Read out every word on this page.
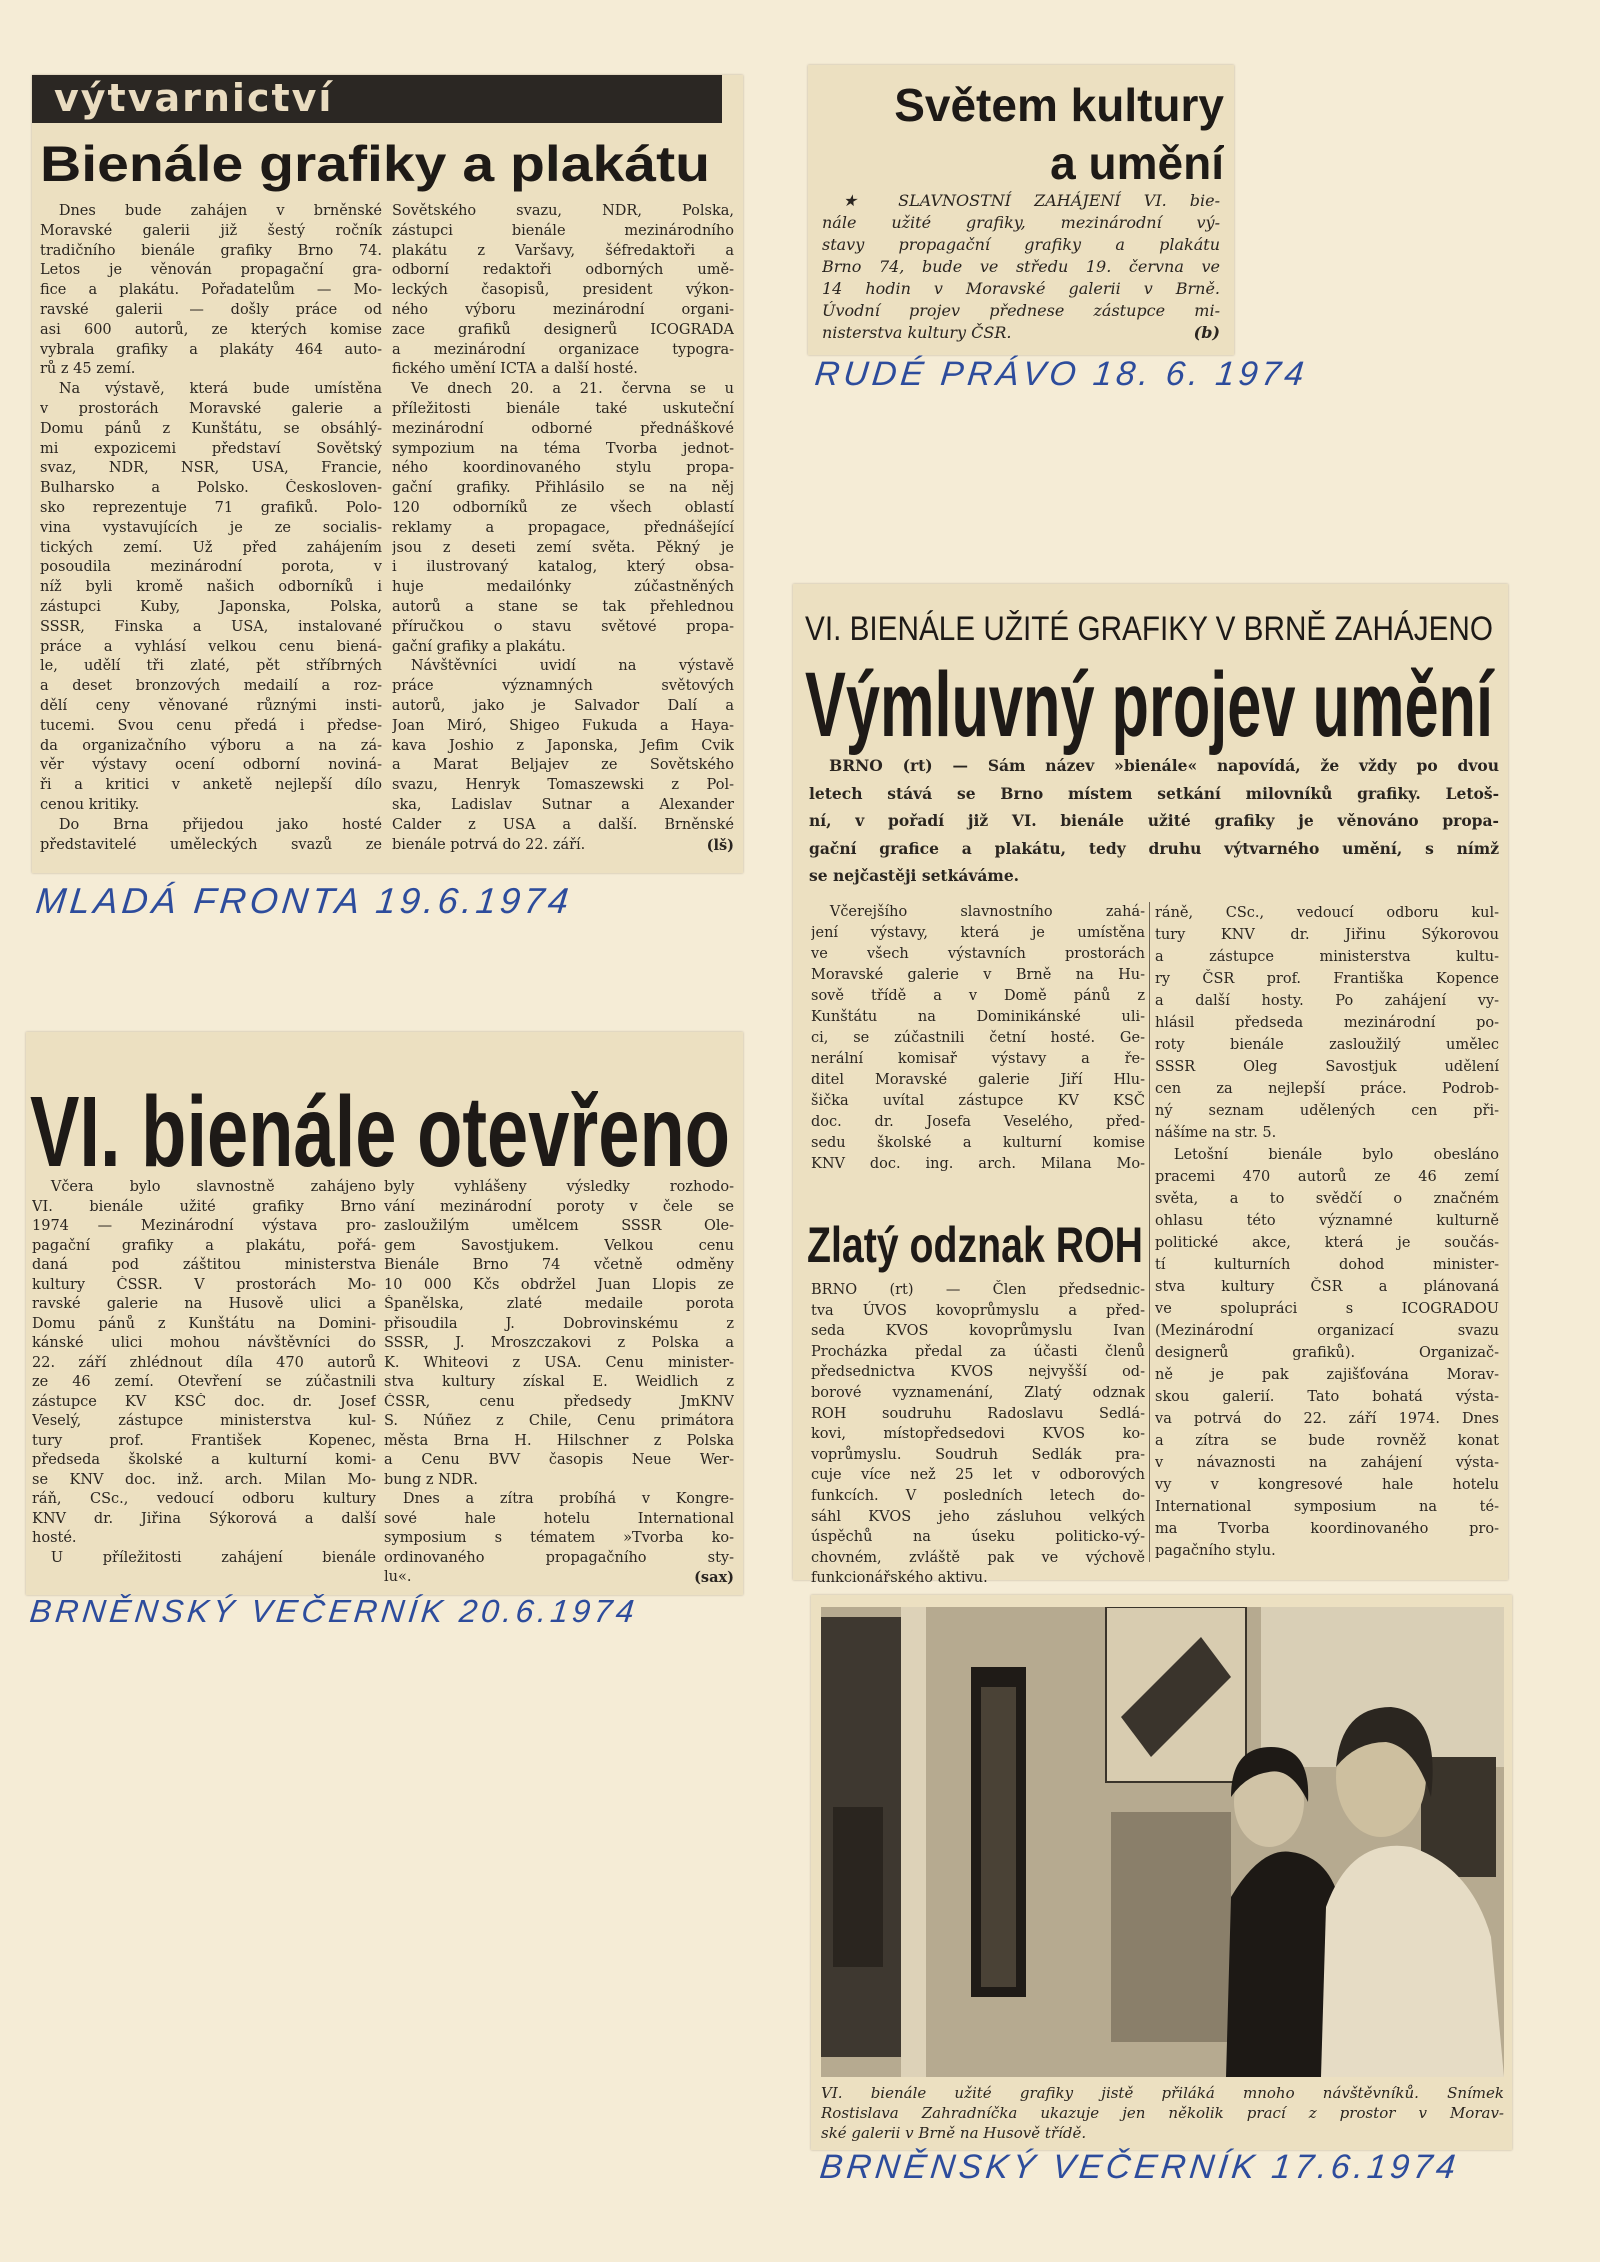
výtvarnictví
Bienále grafiky a plakátu
Dnes bude zahájen v brněnské
Moravské galerii již šestý ročník
tradičního bienále grafiky Brno 74.
Letos je věnován propagační gra-
fice a plakátu. Pořadatelům — Mo-
ravské galerii — došly práce od
asi 600 autorů, ze kterých komise
vybrala grafiky a plakáty 464 auto-
rů z 45 zemí.
Na výstavě, která bude umístěna
v prostorách Moravské galerie a
Domu pánů z Kunštátu, se obsáhlý-
mi expozicemi představí Sovětský
svaz, NDR, NSR, USA, Francie,
Bulharsko a Polsko. Českosloven-
sko reprezentuje 71 grafiků. Polo-
vina vystavujících je ze socialis-
tických zemí. Už před zahájením
posoudila mezinárodní porota, v
níž byli kromě našich odborníků i
zástupci Kuby, Japonska, Polska,
SSSR, Finska a USA, instalované
práce a vyhlásí velkou cenu biená-
le, udělí tři zlaté, pět stříbrných
a deset bronzových medailí a roz-
dělí ceny věnované různými insti-
tucemi. Svou cenu předá i předse-
da organizačního výboru a na zá-
věr výstavy ocení odborní noviná-
ři a kritici v anketě nejlepší dílo
cenou kritiky.
Do Brna přijedou jako hosté
představitelé uměleckých svazů ze
Sovětského svazu, NDR, Polska,
zástupci bienále mezinárodního
plakátu z Varšavy, šéfredaktoři a
odborní redaktoři odborných umě-
leckých časopisů, president výkon-
ného výboru mezinárodní organi-
zace grafiků designerů ICOGRADA
a mezinárodní organizace typogra-
fického umění ICTA a další hosté.
Ve dnech 20. a 21. června se u
příležitosti bienále také uskuteční
mezinárodní odborné přednáškové
sympozium na téma Tvorba jednot-
ného koordinovaného stylu propa-
gační grafiky. Přihlásilo se na něj
120 odborníků ze všech oblastí
reklamy a propagace, přednášející
jsou z deseti zemí světa. Pěkný je
i ilustrovaný katalog, který obsa-
huje medailónky zúčastněných
autorů a stane se tak přehlednou
příručkou o stavu světové propa-
gační grafiky a plakátu.
Návštěvníci uvidí na výstavě
práce významných světových
autorů, jako je Salvador Dalí a
Joan Miró, Shigeo Fukuda a Haya-
kava Joshio z Japonska, Jefim Cvik
a Marat Beljajev ze Sovětského
svazu, Henryk Tomaszewski z Pol-
ska, Ladislav Sutnar a Alexander
Calder z USA a další. Brněnské
bienále potrvá do 22. září.	(lš)
MLADÁ FRONTA 19.6.1974
Světem kultury
a umění
★ SLAVNOSTNÍ ZAHÁJENÍ VI. bie-
nále užité grafiky, mezinárodní vý-
stavy propagační grafiky a plakátu
Brno 74, bude ve středu 19. června ve
14 hodin v Moravské galerii v Brně.
Úvodní projev přednese zástupce mi-
nisterstva kultury ČSR.	(b)
RUDÉ PRÁVO 18. 6. 1974
VI. BIENÁLE UŽITÉ GRAFIKY V BRNĚ ZAHÁJENO
Výmluvný projev umění
BRNO (rt) — Sám název »bienále« napovídá, že vždy po dvou
letech stává se Brno místem setkání milovníků grafiky. Letoš-
ní, v pořadí již VI. bienále užité grafiky je věnováno propa-
gační grafice a plakátu, tedy druhu výtvarného umění, s nímž
se nejčastěji setkáváme.
Včerejšího slavnostního zahá-
jení výstavy, která je umístěna
ve všech výstavních prostorách
Moravské galerie v Brně na Hu-
sově třídě a v Domě pánů z
Kunštátu na Dominikánské uli-
ci, se zúčastnili četní hosté. Ge-
nerální komisař výstavy a ře-
ditel Moravské galerie Jiří Hlu-
šička uvítal zástupce KV KSČ
doc. dr. Josefa Veselého, před-
sedu školské a kulturní komise
KNV doc. ing. arch. Milana Mo-
Zlatý odznak ROH
BRNO (rt) — Člen předsednic-
tva ÚVOS kovoprůmyslu a před-
seda KVOS kovoprůmyslu Ivan
Procházka předal za účasti členů
předsednictva KVOS nejvyšší od-
borové vyznamenání, Zlatý odznak
ROH soudruhu Radoslavu Sedlá-
kovi, místopředsedovi KVOS ko-
voprůmyslu. Soudruh Sedlák pra-
cuje více než 25 let v odborových
funkcích. V posledních letech do-
sáhl KVOS jeho zásluhou velkých
úspěchů na úseku politicko-vý-
chovném, zvláště pak ve výchově
funkcionářského aktivu.
ráně, CSc., vedoucí odboru kul-
tury KNV dr. Jiřinu Sýkorovou
a zástupce ministerstva kultu-
ry ČSR prof. Františka Kopence
a další hosty. Po zahájení vy-
hlásil předseda mezinárodní po-
roty bienále zasloužilý umělec
SSSR Oleg Savostjuk udělení
cen za nejlepší práce. Podrob-
ný seznam udělených cen při-
nášíme na str. 5.
Letošní bienále bylo obesláno
pracemi 470 autorů ze 46 zemí
světa, a to svědčí o značném
ohlasu této významné kulturně
politické akce, která je součás-
tí kulturních dohod minister-
stva kultury ČSR a plánovaná
ve spolupráci s ICOGRADOU
(Mezinárodní organizací svazu
designerů grafiků). Organizač-
ně je pak zajišťována Morav-
skou galerií. Tato bohatá výsta-
va potrvá do 22. září 1974. Dnes
a zítra se bude rovněž konat
v návaznosti na zahájení výsta-
vy v kongresové hale hotelu
International symposium na té-
ma Tvorba koordinovaného pro-
pagačního stylu.
VI. bienále otevřeno
Včera bylo slavnostně zahájeno
VI. bienále užité grafiky Brno
1974 — Mezinárodní výstava pro-
pagační grafiky a plakátu, pořá-
daná pod záštitou ministerstva
kultury ČSSR. V prostorách Mo-
ravské galerie na Husově ulici a
Domu pánů z Kunštátu na Domini-
kánské ulici mohou návštěvníci do
22. září zhlédnout díla 470 autorů
ze 46 zemí. Otevření se zúčastnili
zástupce KV KSČ doc. dr. Josef
Veselý, zástupce ministerstva kul-
tury prof. František Kopenec,
předseda školské a kulturní komi-
se KNV doc. inž. arch. Milan Mo-
ráň, CSc., vedoucí odboru kultury
KNV dr. Jiřina Sýkorová a další
hosté.
U příležitosti zahájení bienále
byly vyhlášeny výsledky rozhodo-
vání mezinárodní poroty v čele se
zasloužilým umělcem SSSR Ole-
gem Savostjukem. Velkou cenu
Bienále Brno 74 včetně odměny
10 000 Kčs obdržel Juan Llopis ze
Španělska, zlaté medaile porota
přisoudila J. Dobrovinskému z
SSSR, J. Mroszczakovi z Polska a
K. Whiteovi z USA. Cenu minister-
stva kultury získal E. Weidlich z
ČSSR, cenu předsedy JmKNV
S. Núñez z Chile, Cenu primátora
města Brna H. Hilschner z Polska
a Cenu BVV časopis Neue Wer-
bung z NDR.
Dnes a zítra probíhá v Kongre-
sové hale hotelu International
symposium s tématem »Tvorba ko-
ordinovaného propagačního sty-
lu«.	(sax)
BRNĚNSKÝ VEČERNÍK 20.6.1974
VI. bienále užité grafiky jistě přiláká mnoho návštěvníků. Snímek
Rostislava Zahradníčka ukazuje jen několik prací z prostor v Morav-
ské galerii v Brně na Husově třídě.
BRNĚNSKÝ VEČERNÍK 17.6.1974
